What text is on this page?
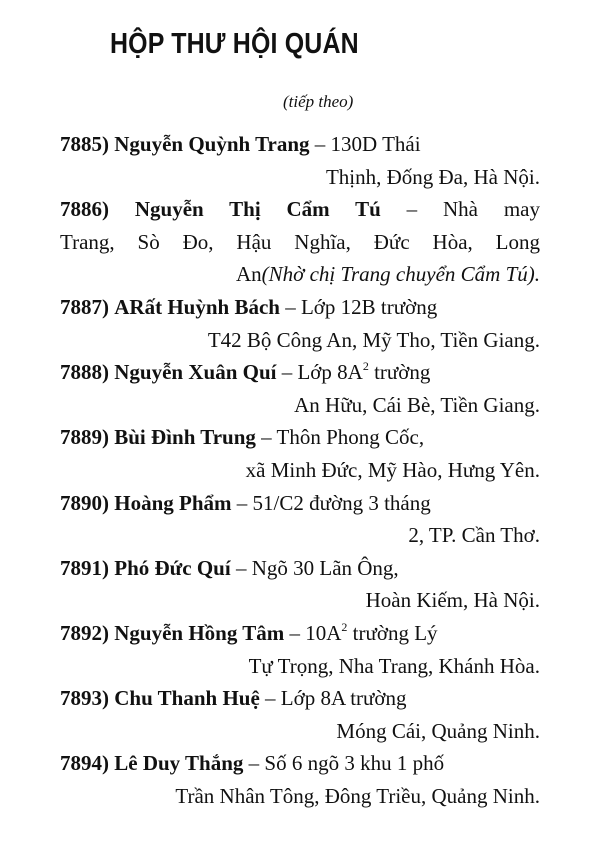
HỘP THƯ HỘI QUÁN
(tiếp theo)
7885) Nguyễn Quỳnh Trang – 130D Thái
Thịnh, Đống Đa, Hà Nội.
7886) Nguyễn Thị Cẩm Tú – Nhà may
Trang, Sò Đo, Hậu Nghĩa, Đức Hòa, Long
An(Nhờ chị Trang chuyển Cẩm Tú).
7887) ARất Huỳnh Bách – Lớp 12B trường
T42 Bộ Công An, Mỹ Tho, Tiền Giang.
7888) Nguyễn Xuân Quí – Lớp $8A^2$ trường
An Hữu, Cái Bè, Tiền Giang.
7889) Bùi Đình Trung – Thôn Phong Cốc,
xã Minh Đức, Mỹ Hào, Hưng Yên.
7890) Hoàng Phẩm – 51/C2 đường 3 tháng
2, TP. Cần Thơ.
7891) Phó Đức Quí – Ngõ 30 Lãn Ông,
Hoàn Kiếm, Hà Nội.
7892) Nguyễn Hồng Tâm – $10A^2$ trường Lý
Tự Trọng, Nha Trang, Khánh Hòa.
7893) Chu Thanh Huệ – Lớp 8A trường
Móng Cái, Quảng Ninh.
7894) Lê Duy Thắng – Số 6 ngõ 3 khu 1 phố
Trần Nhân Tông, Đông Triều, Quảng Ninh.
